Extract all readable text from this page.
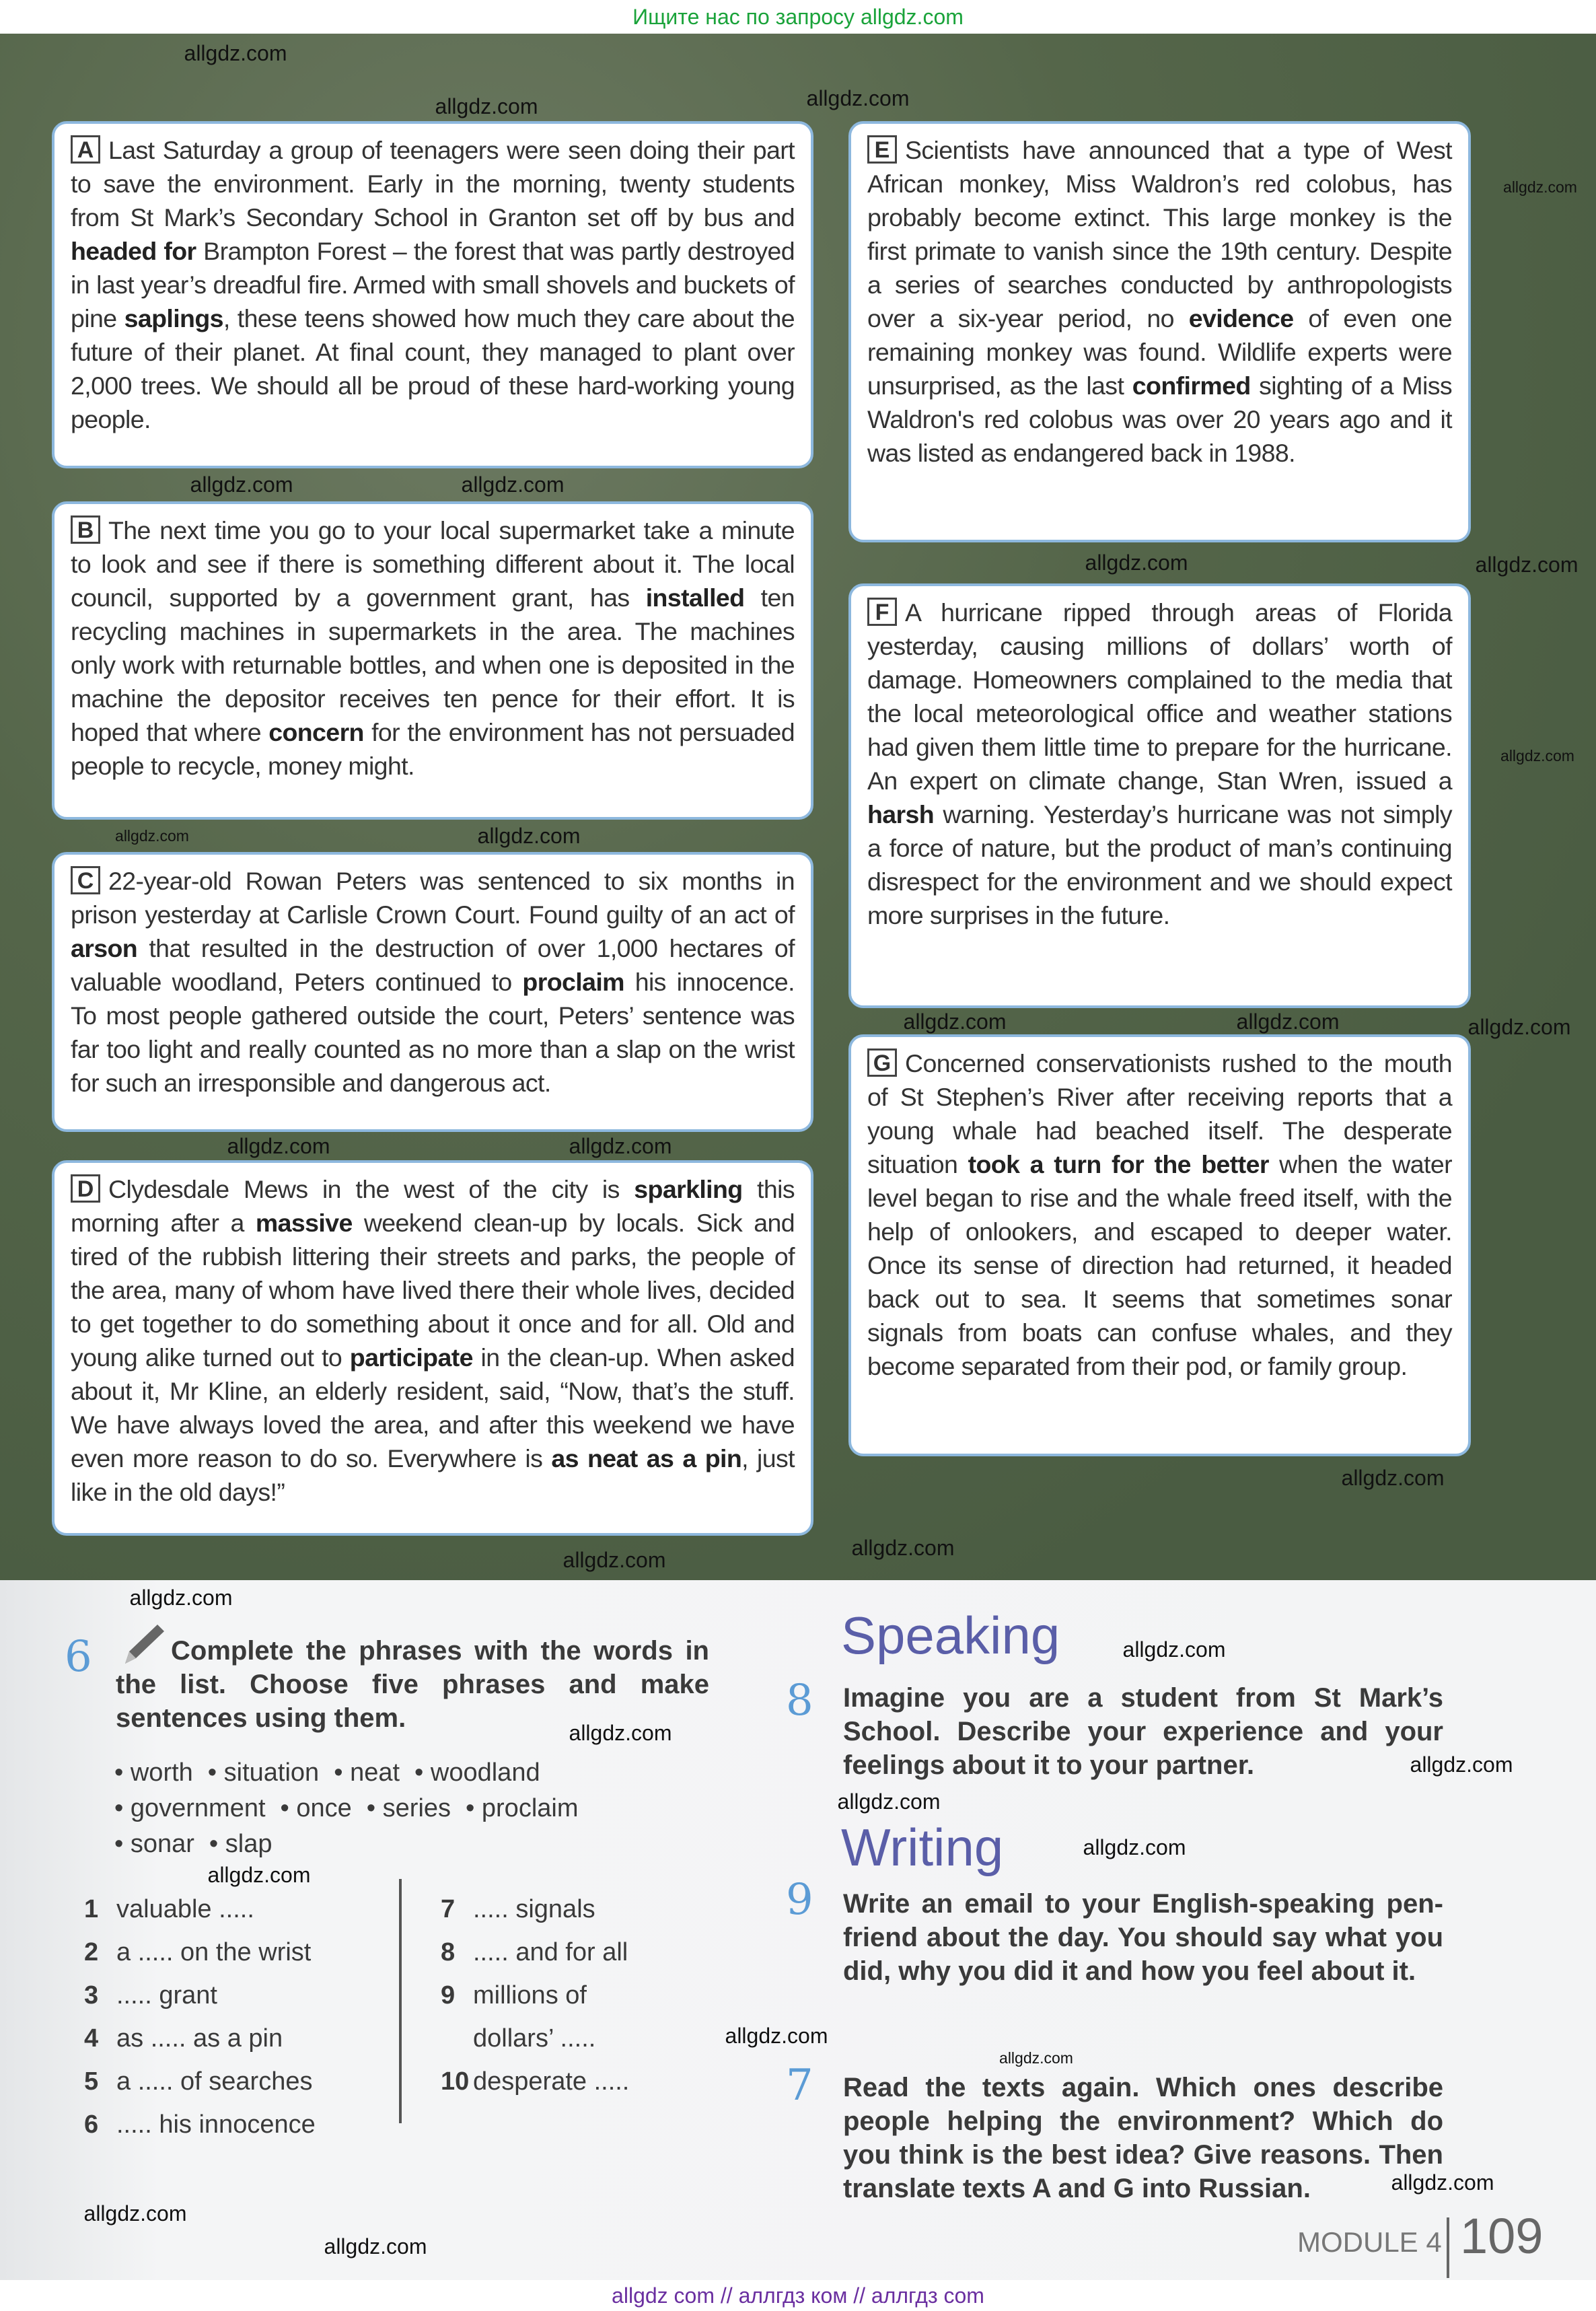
Ищите нас по запросу allgdz.com
A Last Saturday a group of teenagers were seen doing their part to save the environment. Early in the morning, twenty students from St Mark’s Secondary School in Granton set off by bus and headed for Brampton Forest – the forest that was partly destroyed in last year’s dreadful fire. Armed with small shovels and buckets of pine saplings, these teens showed how much they care about the future of their planet. At final count, they managed to plant over 2,000 trees. We should all be proud of these hard-working young people.
B The next time you go to your local supermarket take a minute to look and see if there is something different about it. The local council, supported by a government grant, has installed ten recycling machines in supermarkets in the area. The machines only work with returnable bottles, and when one is deposited in the machine the depositor receives ten pence for their effort. It is hoped that where concern for the environment has not persuaded people to recycle, money might.
C 22-year-old Rowan Peters was sentenced to six months in prison yesterday at Carlisle Crown Court. Found guilty of an act of arson that resulted in the destruction of over 1,000 hectares of valuable woodland, Peters continued to proclaim his innocence. To most people gathered outside the court, Peters’ sentence was far too light and really counted as no more than a slap on the wrist for such an irresponsible and dangerous act.
D Clydesdale Mews in the west of the city is sparkling this morning after a massive weekend clean-up by locals. Sick and tired of the rubbish littering their streets and parks, the people of the area, many of whom have lived there their whole lives, decided to get together to do something about it once and for all. Old and young alike turned out to participate in the clean-up. When asked about it, Mr Kline, an elderly resident, said, “Now, that’s the stuff. We have always loved the area, and after this weekend we have even more reason to do so. Everywhere is as neat as a pin, just like in the old days!”
E Scientists have announced that a type of West African monkey, Miss Waldron’s red colobus, has probably become extinct. This large monkey is the first primate to vanish since the 19th century. Despite a series of searches conducted by anthropologists over a six-year period, no evidence of even one remaining monkey was found. Wildlife experts were unsurprised, as the last confirmed sighting of a Miss Waldron's red colobus was over 20 years ago and it was listed as endangered back in 1988.
F A hurricane ripped through areas of Florida yesterday, causing millions of dollars’ worth of damage. Homeowners complained to the media that the local meteorological office and weather stations had given them little time to prepare for the hurricane. An expert on climate change, Stan Wren, issued a harsh warning. Yesterday’s hurricane was not simply a force of nature, but the product of man’s continuing disrespect for the environment and we should expect more surprises in the future.
G Concerned conservationists rushed to the mouth of St Stephen’s River after receiving reports that a young whale had beached itself. The desperate situation took a turn for the better when the water level began to rise and the whale freed itself, with the help of onlookers, and escaped to deeper water. Once its sense of direction had returned, it headed back out to sea. It seems that sometimes sonar signals from boats can confuse whales, and they become separated from their pod, or family group.
6	Complete the phrases with the words in the list. Choose five phrases and make sentences using them.
• worth • situation • neat • woodland
• government • once • series • proclaim
• sonar • slap
1 valuable .....
2 a ..... on the wrist
3 ..... grant
4 as ..... as a pin
5 a ..... of searches
6 ..... his innocence
7 ..... signals
8 ..... and for all
9 millions of dollars’ .....
10 desperate .....
Speaking
8 Imagine you are a student from St Mark’s School. Describe your experience and your feelings about it to your partner.
Writing
9 Write an email to your English-speaking pen-friend about the day. You should say what you did, why you did it and how you feel about it.
7 Read the texts again. Which ones describe people helping the environment? Which do you think is the best idea? Give reasons. Then translate texts A and G into Russian.
MODULE 4 109
allgdz com // аллгдз ком // аллгдз com
allgdz.com
allgdz.com
allgdz.com
allgdz.com
allgdz.com
allgdz.com
allgdz.com
allgdz.com
allgdz.com
allgdz.com
allgdz.com
allgdz.com
allgdz.com	allgdz.com
allgdz.com
allgdz.com
allgdz.com
allgdz.com	allgdz.com
allgdz.com
allgdz.com
allgdz.com
allgdz.com
allgdz.com
allgdz.com
allgdz.com
allgdz.com
allgdz.com
allgdz.com
allgdz.com
allgdz.com
